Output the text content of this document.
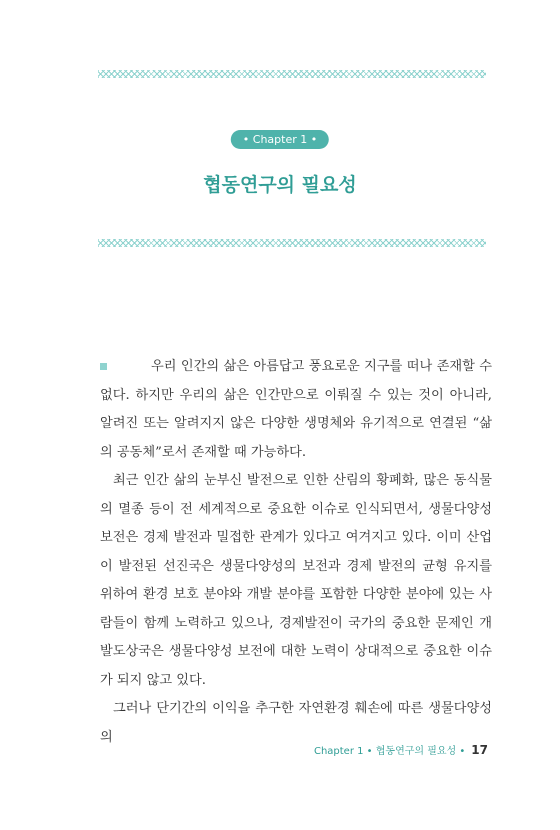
• Chapter 1 •
협동연구의 필요성

우리 인간의 삶은 아름답고 풍요로운 지구를 떠나 존재할 수 없다. 하지만 우리의 삶은 인간만으로 이뤄질 수 있는 것이 아니라, 알려진 또는 알려지지 않은 다양한 생명체와 유기적으로 연결된 “삶의 공동체”로서 존재할 때 가능하다.

최근 인간 삶의 눈부신 발전으로 인한 산림의 황폐화, 많은 동식물의 멸종 등이 전 세계적으로 중요한 이슈로 인식되면서, 생물다양성 보전은 경제 발전과 밀접한 관계가 있다고 여겨지고 있다. 이미 산업이 발전된 선진국은 생물다양성의 보전과 경제 발전의 균형 유지를 위하여 환경 보호 분야와 개발 분야를 포함한 다양한 분야에 있는 사람들이 함께 노력하고 있으나, 경제발전이 국가의 중요한 문제인 개발도상국은 생물다양성 보전에 대한 노력이 상대적으로 중요한 이슈가 되지 않고 있다.

그러나 단기간의 이익을 추구한 자연환경 훼손에 따른 생물다양성의

Chapter 1 • 협동연구의 필요성 • 17
